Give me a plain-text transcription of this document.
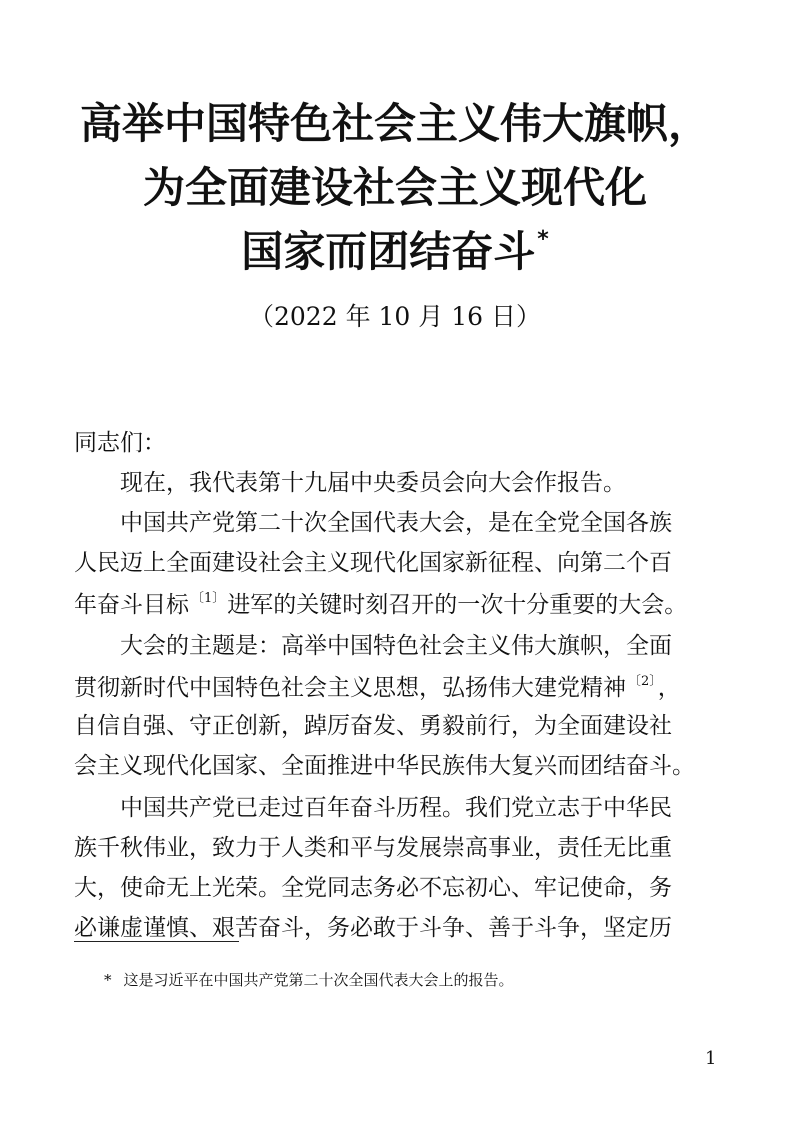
高举中国特色社会主义伟大旗帜，
为全面建设社会主义现代化
国家而团结奋斗*
（2022 年 10 月 16 日）
同志们：
现在，我代表第十九届中央委员会向大会作报告。
中国共产党第二十次全国代表大会，是在全党全国各族
人民迈上全面建设社会主义现代化国家新征程、向第二个百
年奋斗目标 $^{〔1〕}$进军的关键时刻召开的一次十分重要的大会。
大会的主题是：高举中国特色社会主义伟大旗帜，全面
贯彻新时代中国特色社会主义思想，弘扬伟大建党精神 $^{〔2〕}$，
自信自强、守正创新，踔厉奋发、勇毅前行，为全面建设社
会主义现代化国家、全面推进中华民族伟大复兴而团结奋斗。
中国共产党已走过百年奋斗历程。我们党立志于中华民
族千秋伟业，致力于人类和平与发展崇高事业，责任无比重
大，使命无上光荣。全党同志务必不忘初心、牢记使命，务
必谦虚谨慎、艰苦奋斗，务必敢于斗争、善于斗争，坚定历
* 这是习近平在中国共产党第二十次全国代表大会上的报告。
1
